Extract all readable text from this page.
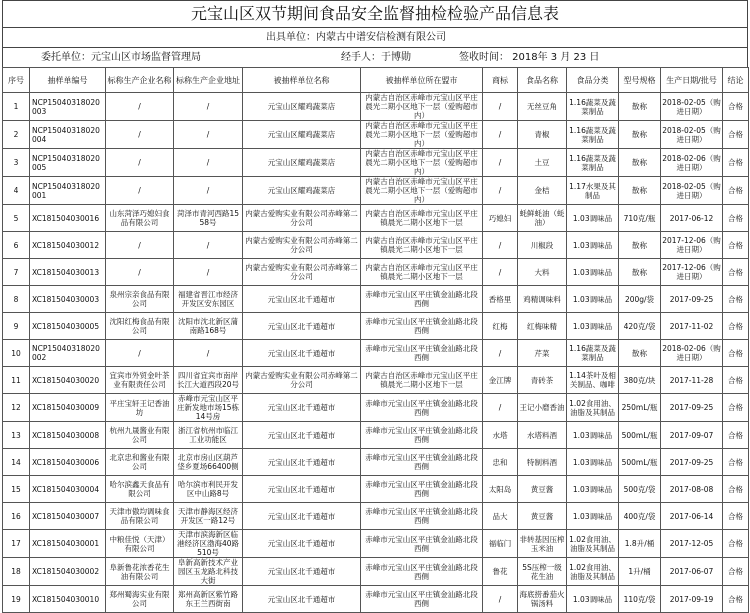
元宝山区双节期间食品安全监督抽检检验产品信息表
出具单位：内蒙古中谱安信检测有限公司
委托单位：元宝山区市场监督管理局	经手人：于博勋	签收时间： 2018年 3 月 23 日
序号	抽样单编号	标称生产企业名称	标称生产企业地址	被抽样单位名称	被抽样单位所在盟市	商标	食品名称	食品分类	型号规格	生产日期/批号	结论
1	NCP15040318020003	/	/	元宝山区耀鸡蔬菜店	内蒙古自治区赤峰市元宝山区平庄晨光二期小区地下一层（爱购超市内）	/	无丝豆角	1.16蔬菜及蔬菜制品	散称	2018-02-05（购进日期）	合格
2	NCP15040318020004	/	/	元宝山区耀鸡蔬菜店	内蒙古自治区赤峰市元宝山区平庄晨光二期小区地下一层（爱购超市内）	/	青椒	1.16蔬菜及蔬菜制品	散称	2018-02-05（购进日期）	合格
3	NCP15040318020005	/	/	元宝山区耀鸡蔬菜店	内蒙古自治区赤峰市元宝山区平庄晨光二期小区地下一层（爱购超市内）	/	土豆	1.16蔬菜及蔬菜制品	散称	2018-02-06（购进日期）	合格
4	NCP15040318020001	/	/	元宝山区耀鸡蔬菜店	内蒙古自治区赤峰市元宝山区平庄晨光二期小区地下一层（爱购超市内）	/	金桔	1.17水果及其制品	散称	2018-02-05（购进日期）	合格
5	XC181504030016	山东菏泽巧媳妇食品有限公司	菏泽市青河西路1558号	内蒙古爱购实业有限公司赤峰第二分公司	内蒙古自治区赤峰市元宝山区平庄镇晨光二期小区地下一层	巧媳妇	蚝鲜蚝油（蚝油）	1.03调味品	710克/瓶	2017-06-12	合格
6	XC181504030012	/	/	内蒙古爱购实业有限公司赤峰第二分公司	内蒙古自治区赤峰市元宝山区平庄镇晨光二期小区地下一层	/	川椒段	1.03调味品	散称	2017-12-06（购进日期）	合格
7	XC181504030013	/	/	内蒙古爱购实业有限公司赤峰第二分公司	内蒙古自治区赤峰市元宝山区平庄镇晨光二期小区地下一层	/	大料	1.03调味品	散称	2017-12-06（购进日期）	合格
8	XC181504030003	泉州宗亲食品有限公司	福建省晋江市经济开发区安东园区	元宝山区北千通超市	赤峰市元宝山区平庄镇金汕路北段西侧	香格里	鸡精调味料	1.03调味品	200g/袋	2017-09-25	合格
9	XC181504030005	沈阳红梅食品有限公司	沈阳市沈北新区蒲南路168号	元宝山区北千通超市	赤峰市元宝山区平庄镇金汕路北段西侧	红梅	红梅味精	1.03调味品	420克/袋	2017-11-02	合格
10	NCP15040318020002	/	/	元宝山区北千通超市	赤峰市元宝山区平庄镇金汕路北段西侧	/	芹菜	1.16蔬菜及蔬菜制品	散称	2018-02-06（购进日期）	合格
11	XC181504030020	宜宾市外贸金叶茶业有限责任公司	四川省宜宾市南岸长江大道西段20号	内蒙古爱购实业有限公司赤峰第二分公司	内蒙古自治区赤峰市元宝山区平庄镇晨光二期小区地下一层	金江牌	青砖茶	1.14茶叶及相关制品、咖啡	380克/块	2017-11-28	合格
12	XC181504030009	平庄宝轩王记香油坊	赤峰市元宝山区平庄新发地市场15栋14号房	元宝山区北千通超市	赤峰市元宝山区平庄镇金汕路北段西侧	/	王记小磨香油	1.02食用油、油脂及其制品	250mL/瓶	2017-09-25	合格
13	XC181504030008	杭州九晟酱业有限公司	浙江省杭州市临江工业功能区	元宝山区北千通超市	赤峰市元宝山区平庄镇金汕路北段西侧	水塔	水塔料酒	1.03调味品	500mL/瓶	2017-09-07	合格
14	XC181504030006	北京忠和酱业有限公司	北京市房山区葫芦垡乡夏场66400侧	元宝山区北千通超市	赤峰市元宝山区平庄镇金汕路北段西侧	忠和	特制料酒	1.03调味品	500mL/瓶	2017-09-25	合格
15	XC181504030004	哈尔滨鑫天食品有限公司	哈尔滨市利民开发区中山路8号	元宝山区北千通超市	赤峰市元宝山区平庄镇金汕路北段西侧	太阳岛	黄豆酱	1.03调味品	500克/袋	2017-08-08	合格
16	XC181504030007	天津市傲均调味食品有限公司	天津市静海区经济开发区一路12号	元宝山区北千通超市	赤峰市元宝山区平庄镇金汕路北段西侧	品大	黄豆酱	1.03调味品	400克/袋	2017-06-14	合格
17	XC181504030001	中粮佳悦（天津）有限公司	天津市滨海新区临港经济区渤海40路510号	元宝山区北千通超市	赤峰市元宝山区平庄镇金汕路北段西侧	福临门	非转基因压榨玉米油	1.02食用油、油脂及其制品	1.8升/桶	2017-12-05	合格
18	XC181504030002	阜新鲁花浓香花生油有限公司	阜新高新技术产业园区玉龙路北科技大街	元宝山区北千通超市	赤峰市元宝山区平庄镇金汕路北段西侧	鲁花	5S压榨一级花生油	1.02食用油、油脂及其制品	1升/桶	2017-06-07	合格
19	XC181504030010	郑州蜀海实业有限公司	郑州高新区紫竹路东王兰西街南	元宝山区北千通超市	赤峰市元宝山区平庄镇金汕路北段西侧	/	海底捞番茄火锅汤料	1.03调味品	110克/袋	2017-09-19	合格
